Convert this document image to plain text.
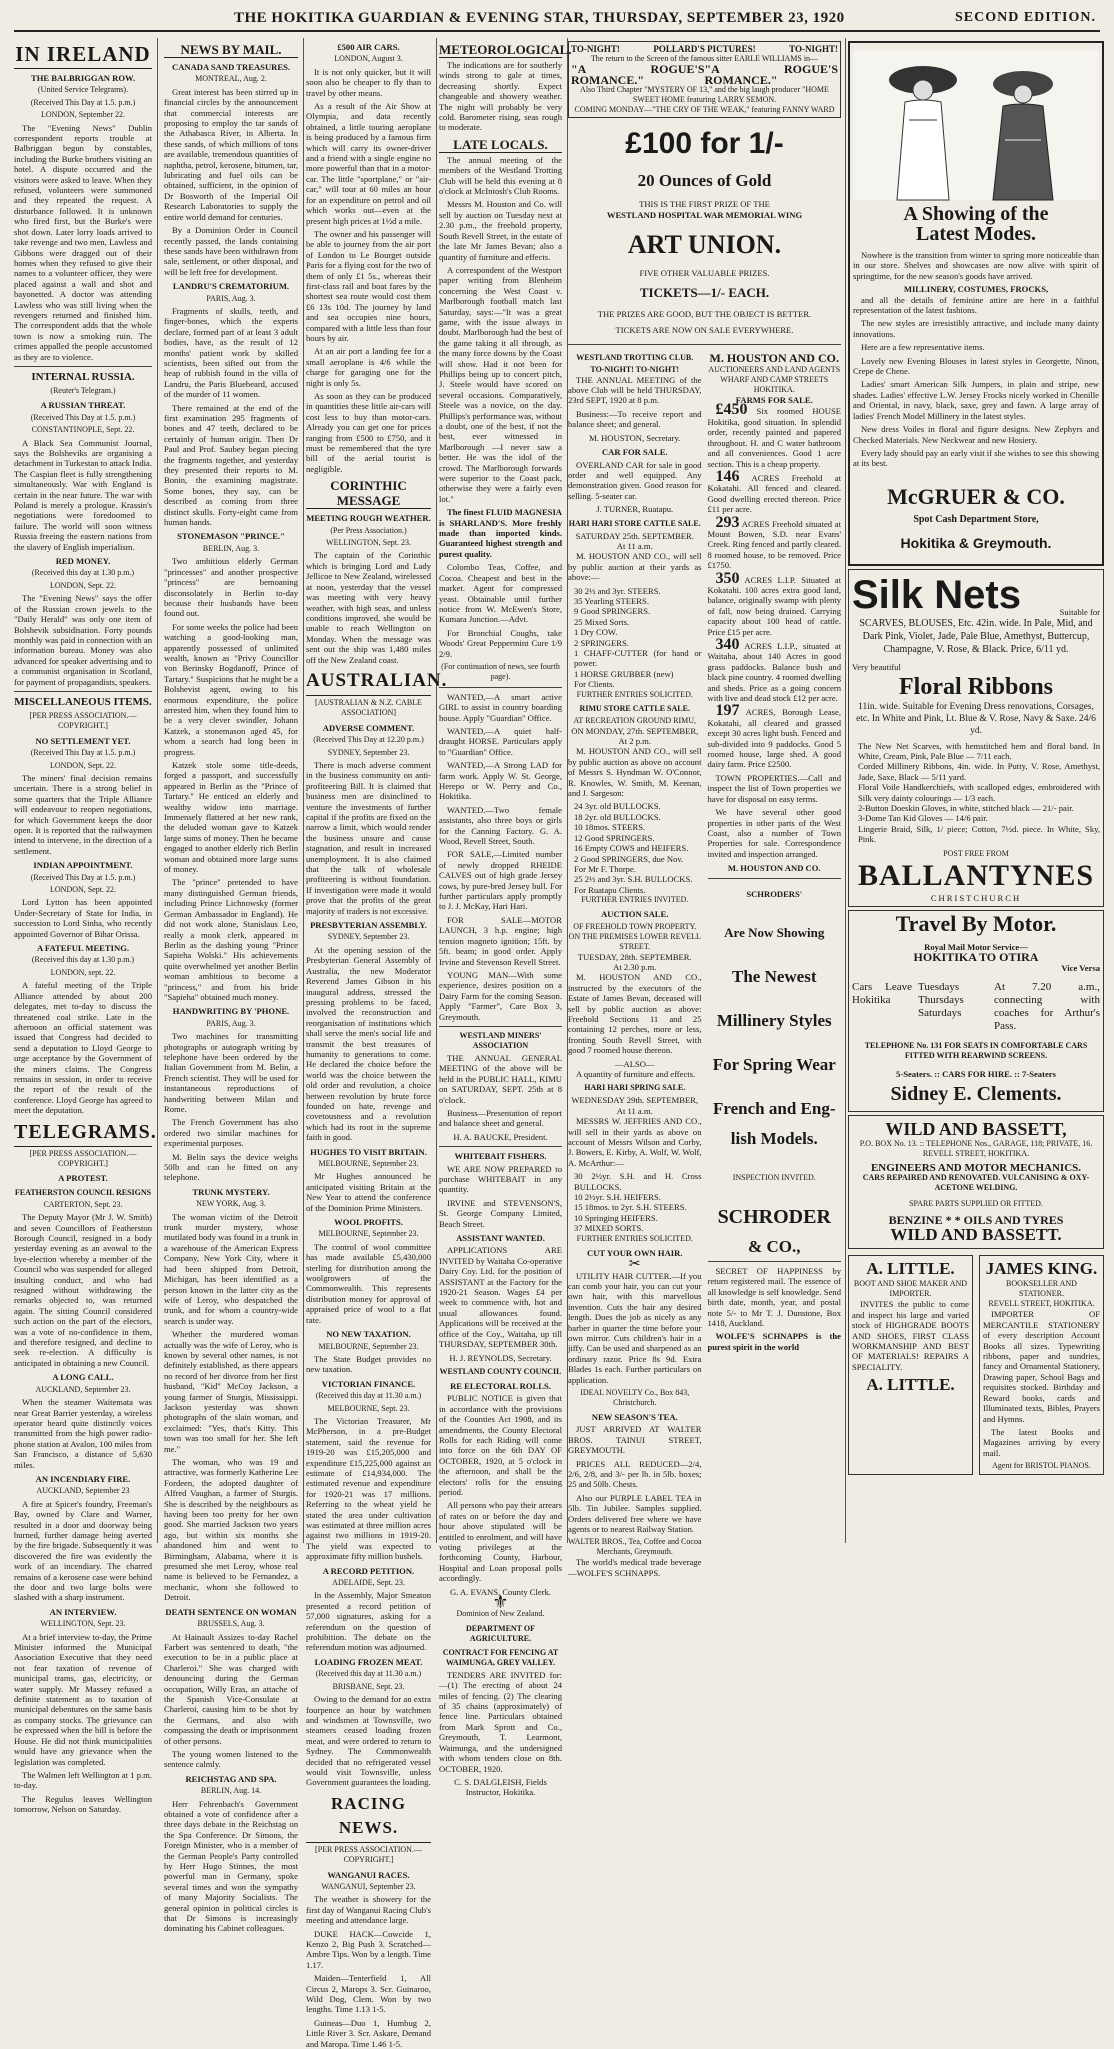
THE HOKITIKA GUARDIAN & EVENING STAR, THURSDAY, SEPTEMBER 23, 1920	SECOND EDITION.
IN IRELAND
THE BALBRIGGAN ROW.
(United Service Telegrams).
(Received This Day at 1.5. p.m.)
LONDON, September 22.

The "Evening News" Dublin correspondent reports trouble at Balbriggan begun by constables, including the Burke brothers visiting an hotel. A dispute occurred and the visitors were asked to leave. When they refused, volunteers were summoned and they repeated the request. A disturbance followed. It is unknown who fired first, but the Burke's were shot down. Later lorry loads arrived to take revenge and two men, Lawless and Gibbons were dragged out of their homes when they refused to give their names to a volunteer officer, they were placed against a wall and shot and bayonetted. A doctor was attending Lawless who was still living when the revengers returned and finished him. The correspondent adds that the whole town is now a smoking ruin. The crimes appalled the people accustomed as they are to violence.

INTERNAL RUSSIA.
(Reuter's Telegram.)
A RUSSIAN THREAT.
(Received This Day at 1.5. p.m.)
CONSTANTINOPLE, Sept. 22.

A Black Sea Communist Journal, says the Bolsheviks are organising a detachment in Turkestan to attack India. The Caspian fleet is fully strengthening simultaneously. War with England is certain in the near future. The war with Poland is merely a prologue. Krassin's negotiations were foredoomed to failure. The world will soon witness Russia freeing the eastern nations from the slavery of English imperialism.

RED MONEY.
(Received this day at 1.30 p.m.)
LONDON, Sept. 22.

The "Evening News" says the offer of the Russian crown jewels to the "Daily Herald" was only one item of Bolshevik subsidisation. Forty pounds monthly was paid in connection with an information bureau. Money was also advanced for speaker advertising and to a communist organisation in Scotland, for payment of propagandists, speakers.

MISCELLANEOUS ITEMS.
[PER PRESS ASSOCIATION.—COPYRIGHT.]
NO SETTLEMENT YET.
(Received This Day at 1.5. p.m.)
LONDON, Sept. 22.

The miners' final decision remains uncertain. There is a strong belief in some quarters that the Triple Alliance will endeavour to reopen negotiations, for which Government keeps the door open. It is reported that the railwaymen intend to intervene, in the direction of a settlement.

INDIAN APPOINTMENT.
(Received This Day at 1.5. p.m.)
LONDON, Sept. 22.

Lord Lytton has been appointed Under-Secretary of State for India, in succession to Lord Sinha, who recently appointed Governor of Bihar Orissa.

A FATEFUL MEETING.
(Received this day at 1.30 p.m.)
LONDON, sept. 22.

A fateful meeting of the Triple Alliance attended by about 200 delegates, met to-day to discuss the threatened coal strike. Late in the afternoon an official statement was issued that Congress had decided to send a deputation to Lloyd George to urge acceptance by the Government of the miners claims. The Congress remains in session, in order to receive the report of the result of the conference. Lloyd George has agreed to meet the deputation.

TELEGRAMS.
[PER PRESS ASSOCIATION.—COPYRIGHT.]
A PROTEST.
FEATHERSTON COUNCIL RESIGNS
CARTERTON, Sept. 23.

The Deputy Mayor (Mr J. W. Smith) and seven Councillors of Featherston Borough Council, resigned in a body yesterday evening as an avowal to the bye-election whereby a member of the Council who was suspended for alleged insulting conduct, and who had resigned without withdrawing the remarks objected to, was returned again. The sitting Council considered such action on the part of the electors, was a vote of no-confidence in them, and therefore resigned, and decline to seek re-election. A difficulty is anticipated in obtaining a new Council.

A LONG CALL.
AUCKLAND, September 23.

When the steamer Waitemata was near Great Barrier yesterday, a wireless operator heard quite distinctly voices transmitted from the high power radio-phone station at Avalon, 100 miles from San Francisco, a distance of 5,630 miles.

AN INCENDIARY FIRE.
AUCKLAND, September 23

A fire at Spicer's foundry, Freeman's Bay, owned by Clare and Warner, resulted in a door and doorway being burned, further damage being averted by the fire brigade. Subsequently it was discovered the fire was evidently the work of an incendiary. The charred remains of a kerosene case were behind the door and two large bolts were slashed with a sharp instrument.

AN INTERVIEW.
WELLINGTON, Sept. 23.

At a brief interview to-day, the Prime Minister informed the Municipal Association Executive that they need not fear taxation of revenue of municipal trams, gas, electricity, or water supply. Mr Massey refused a definite statement as to taxation of municipal debentures on the same basis as company stocks. The grievance can be expressed when the bill is before the House. He did not think municipalities would have any grievance when the legislation was completed.

The Walmen left Wellington at 1 p.m. to-day.

The Regulus leaves Wellington tomorrow, Nelson on Saturday.

NEWS BY MAIL.
CANADA SAND TREASURES.
MONTREAL, Aug. 2.

Great interest has been stirred up in financial circles by the announcement that commercial interests are proposing to employ the tar sands of the Athabasca River, in Alberta. In these sands, of which millions of tons are available, tremendous quantities of naphtha, petrol, kerosene, bitumen, tar, lubricating and fuel oils can be obtained, sufficient, in the opinion of Dr Bosworth of the Imperial Oil Research Laboratories to supply the entire world demand for centuries.

By a Dominion Order in Council recently passed, the lands containing these sands have been withdrawn from sale, settlement, or other disposal, and will be left free for development.

LANDRU'S CREMATORIUM.
PARIS, Aug. 3.

Fragments of skulls, teeth, and finger-bones, which the experts declare, formed part of at least 3 adult bodies, have, as the result of 12 months' patient work by skilled scientists, been sifted out from the heap of rubbish found in the villa of Landru, the Paris Bluebeard, accused of the murder of 11 women.

There remained at the end of the first examination 295 fragments of bones and 47 teeth, declared to be certainly of human origin. Then Dr Paul and Prof. Saubey began piecing the fragments together, and yesterday they presented their reports to M. Bonin, the examining magistrate. Some bones, they say, can be described as coming from three distinct skulls. Forty-eight came from human hands.

STONEMASON "PRINCE."
BERLIN, Aug. 3.

Two ambitious elderly German "princesses" and another prospective "princess" are bemoaning disconsolately in Berlin to-day because their husbands have been found out.

For some weeks the police had been watching a good-looking man, apparently possessed of unlimited wealth, known as "Privy Councillor von Berinsky Bogdanoff, Prince of Tartary." Suspicions that he might be a Bolshevist agent, owing to his enormous expenditure, the police arrested him, when they found him to be a very clever swindler, Johann Katzek, a stonemason aged 45, for whom a search had long been in progress.

Katzek stole some title-deeds, forged a passport, and successfully appeared in Berlin as the "Prince of Tartary." He enticed an elderly and wealthy widow into marriage. Immensely flattered at her new rank, the deluded woman gave to Katzek large sums of money. Then he became engaged to another elderly rich Berlin woman and obtained more large sums of money.

The "prince" pretended to have many distinguished German friends, including Prince Lichnowsky (former German Ambassador in England). He did not work alone, Stanislaus Leo, really a monk clerk, appeared in Berlin as the dashing young "Prince Sapieha Wolski." His achievements quite overwhelmed yet another Berlin woman ambitious to become a "princess," and from his bride "Sapieha" obtained much money.

HANDWRITING BY 'PHONE.
PARIS, Aug. 3.

Two machines for transmitting photographs or autograph writing by telephone have been ordered by the Italian Government from M. Belin, a French scientist. They will be used for instantaneous reproductions of handwriting between Milan and Rome.

The French Government has also ordered two similar machines for experimental purposes.

M. Belin says the device weighs 50lb and can be fitted on any telephone.

TRUNK MYSTERY.
NEW YORK, Aug. 3.

The woman victim of the Detroit trunk murder mystery, whose mutilated body was found in a trunk in a warehouse of the American Express Company, New York City, where it had been shipped from Detroit, Michigan, has been identified as a person known in the latter city as the wife of Leroy, who despatched the trunk, and for whom a country-wide search is under way.

Whether the murdered woman actually was the wife of Leroy, who is known by several other names, is not definitely established, as there appears no record of her divorce from her first husband, "Kid" McCoy Jackson, a young farmer of Sturgis, Mississippi. Jackson yesterday was shown photographs of the slain woman, and exclaimed: "Yes, that's Kitty. This town was too small for her. She left me."

The woman, who was 19 and attractive, was formerly Katherine Lee Fordeen, the adopted daughter of Alfred Vaughan, a farmer of Sturgis. She is described by the neighbours as having been too pretty for her own good. She married Jackson two years ago, but within six months she abandoned him and went to Birmingham, Alabama, where it is presumed she met Leroy, whose real name is believed to be Fernandez, a mechanic, whom she followed to Detroit.

DEATH SENTENCE ON WOMAN
BRUSSELS, Aug. 3.

At Hainault Assizes to-day Rachel Farbert was sentenced to death, "the execution to be in a public place at Charleroi." She was charged with denouncing during the German occupation, Willy Eras, an attache of the Spanish Vice-Consulate at Charleroi, causing him to be shot by the Germans, and also with compassing the death or imprisonment of other persons.

The young women listened to the sentence calmly.

REICHSTAG AND SPA.
BERLIN, Aug. 14.

Herr Fehrenbach's Government obtained a vote of confidence after a three days debate in the Reichstag on the Spa Conference. Dr Simons, the Foreign Minister, who is a member of the German People's Party controlled by Herr Hugo Stinnes, the most powerful man in Germany, spoke several times and won the sympathy of many Majority Socialists. The general opinion in political circles is that Dr Simons is increasingly dominating his Cabinet colleagues.

£500 AIR CARS.
LONDON, August 3.

It is not only quicker, but it will soon also be cheaper to fly than to travel by other means.

As a result of the Air Show at Olympia, and data recently obtained, a little touring aeroplane is being produced by a famous firm which will carry its owner-driver and a friend with a single engine no more powerful than that in a motor-car. The little "sportplane," or "air-car," will tour at 60 miles an hour for an expenditure on petrol and oil which works out—even at the present high prices at 1½d a mile.

The owner and his passenger will be able to journey from the air port of London to Le Bourget outside Paris for a flying cost for the two of them of only £1 5s., whereas their first-class rail and boat fares by the shortest sea route would cost them £6 13s 10d. The journey by land and sea occupies nine hours, compared with a little less than four hours by air.

At an air port a landing fee for a small aeroplane is 4/6 while the charge for garaging one for the night is only 5s.

As soon as they can be produced in quantities these little air-cars will cost less to buy than motor-cars. Already you can get one for prices ranging from £500 to £750, and it must be remembered that the tyre bill of the aerial tourist is negligible.

CORINTHIC MESSAGE
MEETING ROUGH WEATHER.
(Per Press Association.)
WELLINGTON, Sept. 23.

The captain of the Corinthic which is bringing Lord and Lady Jellicoe to New Zealand, wirelessed at noon, yesterday that the vessel was meeting with very heavy weather, with high seas, and unless conditions improved, she would be unable to reach Wellington on Monday. When the message was sent out the ship was 1,480 miles off the New Zealand coast.

AUSTRALIAN.
[AUSTRALIAN & N.Z. CABLE ASSOCIATION]
ADVERSE COMMENT.
(Received This Day at 12.20 p.m.)
SYDNEY, September 23.

There is much adverse comment in the business community on anti-profiteering Bill. It is claimed that business men are disinclined to venture the investments of further capital if the profits are fixed on the narrow a limit, which would render the business unsure and cause stagnation, and result in increased unemployment. It is also claimed that the talk of wholesale profiteering is without foundation. If investigation were made it would prove that the profits of the great majority of traders is not excessive.

PRESBYTERIAN ASSEMBLY.
SYDNEY, September 23.

At the opening session of the Presbyterian General Assembly of Australia, the new Moderator Reverend James Gibson in his inaugural address, stressed the pressing problems to be faced, involved the reconstruction and reorganisation of institutions which shall serve the men's social life and transmit the best treasures of humanity to generations to come. He declared the choice before the world was the choice between the old order and revolution, a choice between revolution by brute force founded on hate, revenge and covetousness and a revolution which had its root in the supreme faith in good.

HUGHES TO VISIT BRITAIN.
MELBOURNE, September 23.

Mr Hughes announced he anticipated visiting Britain at the New Year to attend the conference of the Dominion Prime Ministers.

WOOL PROFITS.
MELBOURNE, September 23.

The control of wool committee has made available £5,430,000 sterling for distribution among the woolgrowers of the Commonwealth. This represents distribution money for approval of appraised price of wool to a flat rate.

NO NEW TAXATION.
MELBOURNE, September 23.

The State Budget provides no new taxation.

VICTORIAN FINANCE.
(Received this day at 11.30 a.m.)
MELBOURNE, Sept. 23.

The Victorian Treasurer, Mr McPherson, in a pre-Budget statement, said the revenue for 1919-20 was £15,205,000 and expenditure £15,225,000 against an estimate of £14,934,000. The estimated revenue and expenditure for 1920-21 was 17 millions. Referring to the wheat yield he stated the area under cultivation was estimated at three million acres against two millions in 1919-20. The yield was expected to approximate fifty million bushels.

A RECORD PETITION.
ADELAIDE, Sept. 23.

In the Assembly, Major Smeaton presented a record petition of 57,000 signatures, asking for a referendum on the question of prohibition. The debate on the referendum motion was adjourned.

LOADING FROZEN MEAT.
(Received this day at 11.30 a.m.)
BRISBANE, Sept. 23.

Owing to the demand for an extra fourpence an hour by watchmen and windsmen at Townsville, two steamers ceased loading frozen meat, and were ordered to return to Sydney. The Commonwealth decided that no refrigerated vessel would visit Townsville, unless Government guarantees the loading.

RACING NEWS.
[PER PRESS ASSOCIATION.—COPYRIGHT.]
WANGANUI RACES.
WANGANUI, September 23.

The weather is showery for the first day of Wanganui Racing Club's meeting and attendance large.

DUKE HACK—Cowcide 1, Kenzo 2, Big Push 3. Scratched—Ambre Tips. Won by a length. Time 1.17.

Maiden—Tenterfield 1, All Circus 2, Marops 3. Scr. Guinaroo, Wild Dog, Clem. Won by two lengths. Time 1.13 1-5.

Guineas—Duo 1, Humbug 2, Little River 3. Scr. Askare, Demand and Maropa. Time 1.46 1-5.

METEOROLOGICAL.

The indications are for southerly winds strong to gale at times, decreasing shortly. Expect changeable and showery weather. The night will probably be very cold. Barometer rising, seas rough to moderate.

LATE LOCALS.

The annual meeting of the members of the Westland Trotting Club will be held this evening at 8 o'clock at McIntosh's Club Rooms.

Messrs M. Houston and Co. will sell by auction on Tuesday next at 2.30 p.m., the freehold property, South Revell Street, in the estate of the late Mr James Bevan; also a quantity of furniture and effects.

A correspondent of the Westport paper writing from Blenheim concerning the West Coast v. Marlborough football match last Saturday, says:—"It was a great game, with the issue always in doubt. Marlborough had the best of the game taking it all through, as the many force downs by the Coast will show. Had it not been for Phillips being up to concert pitch, J. Steele would have scored on several occasions. Comparatively, Steele was a novice, on the day. Phillips's performance was, without a doubt, one of the best, if not the best, ever witnessed in Marlborough —I never saw a better. He was the idol of the crowd. The Marlborough forwards were superior to the Coast pack, otherwise they were a fairly even lot."

The finest FLUID MAGNESIA is SHARLAND'S. More freshly made than imported kinds. Guaranteed highest strength and purest quality.

Colombo Teas, Coffee, and Cocoa. Cheapest and best in the market. Agent for compressed yeast. Obtainable until further notice from W. McEwen's Store, Kumara Junction.—Advt.

For Bronchial Coughs, take Woods' Great Peppermint Cure 1/9 2/9.

(For continuation of news, see fourth page).

WANTED,—A smart active GIRL to assist in country boarding house. Apply "Guardian" Office.

WANTED,—A quiet half-draught HORSE. Particulars apply to "Guardian" Office.

WANTED,—A Strong LAD for farm work. Apply W. St. George, Herepo or W. Perry and Co., Hokitika.

WANTED.—Two female assistants, also three boys or girls for the Canning Factory. G. A. Wood, Revell Street, South.

FOR SALE,—Limited number of newly dropped RHEIDE CALVES out of high grade Jersey cows, by pure-bred Jersey bull. For further particulars apply promptly to J. J. McKay, Hari Hari.

FOR SALE—MOTOR LAUNCH, 3 h.p. engine; high tension magneto ignition; 15ft. by 5ft. beam; in good order. Apply Irvine and Stevenson Revell Street.

YOUNG MAN—With some experience, desires position on a Dairy Farm for the coming Season. Apply "Farmer", Care Box 3, Greymouth.

WESTLAND MINERS' ASSOCIATION

THE ANNUAL GENERAL MEETING of the above will be held in the PUBLIC HALL, KIMU on SATURDAY, SEPT. 25th at 8 o'clock.

Business—Presentation of report and balance sheet and general.

H. A. BAUCKE, President.
WHITEBAIT FISHERS.

WE ARE NOW PREPARED to purchase WHITEBAIT in any quantity.

IRVINE and STEVENSON'S, St. George Company Limited, Beach Street.

ASSISTANT WANTED.

APPLICATIONS ARE INVITED by Waitaha Co-operative Dairy Coy. Ltd. for the position of ASSISTANT at the Factory for the 1920-21 Season. Wages £4 per week to commence with, hot and usual allowances found. Applications will be received at the office of the Coy., Waitaha, up till THURSDAY, SEPTEMBER 30th.

H. J. REYNOLDS, Secretary.
WESTLAND COUNTY COUNCIL
RE ELECTORAL ROLLS.

PUBLIC NOTICE is given that in accordance with the provisions of the Counties Act 1908, and its amendments, the County Electoral Rolls for each Riding will come into force on the 6th DAY OF OCTOBER, 1920, at 5 o'clock in the afternoon, and shall be the electors' rolls for the ensuing period.

All persons who pay their arrears of rates on or before the day and hour above stipulated will be entitled to enrolment, and will have voting privileges at the forthcoming County, Harbour, Hospital and Loan proposal polls accordingly.

G. A. EVANS, County Clerk.
⚜
Dominion of New Zealand.
DEPARTMENT OF AGRICULTURE.
CONTRACT FOR FENCING AT WAIMUNGA, GREY VALLEY.

TENDERS ARE INVITED for:—(1) The erecting of about 24 miles of fencing. (2) The clearing of 35 chains (approximately) of fence line. Particulars obtained from Mark Sprott and Co., Greymouth, T. Learmont, Waimunga, and the undersigned with whom tenders close on 8th. OCTOBER, 1920.

C. S. DALGLEISH, Fields Instructor, Hokitika.
TO-NIGHT!	POLLARD'S PICTURES!	TO-NIGHT!
The return to the Screen of the famous sitter EARLE WILLIAMS in—
"A ROGUE'S ROMANCE."
"A ROGUE'S ROMANCE."
Also Third Chapter "MYSTERY OF 13," and the big laugh producer "HOME SWEET HOME featuring LARRY SEMON.
COMING MONDAY—"THE CRY OF THE WEAK," featuring FANNY WARD
£100 for 1/-
20 Ounces of Gold
THIS IS THE FIRST PRIZE OF THE
WESTLAND HOSPITAL WAR MEMORIAL WING
ART UNION.
FIVE OTHER VALUABLE PRIZES.
TICKETS—1/- EACH.
THE PRIZES ARE GOOD, BUT THE OBJECT IS BETTER.
TICKETS ARE NOW ON SALE EVERYWHERE.
WESTLAND TROTTING CLUB.
TO-NIGHT! TO-NIGHT!

THE ANNUAL MEETING of the above Club will be held THURSDAY, 23rd SEPT, 1920 at 8 p.m.

Business:—To receive report and balance sheet; and general.

M. HOUSTON, Secretary.
CAR FOR SALE.

OVERLAND CAR for sale in good order and well equipped. Any demonstration given. Good reason for selling. 5-seater car.

J. TURNER, Ruatapu.
HARI HARI STORE CATTLE SALE.
SATURDAY 25th. SEPTEMBER.
At 11 a.m.

M. HOUSTON AND CO., will sell by public auction at their yards as above:—

30 2½ and 3yr. STEERS.
35 Yearling STEERS.
9 Good SPRINGERS.
25 Mixed Sorts.
1 Dry COW.
2 SPRINGERS.
1 CHAFF-CUTTER (for hand or power.
1 HORSE GRUBBER (new)
For Clients.
FURTHER ENTRIES SOLICITED.
RIMU STORE CATTLE SALE.
AT RECREATION GROUND RIMU,
ON MONDAY, 27th. SEPTEMBER,
At 2 p.m.

M. HOUSTON AND CO., will sell by public auction as above on account of Messrs S. Hyndman W. O'Connor, R. Knowles, W. Smith, M. Keenan, and J. Sargeson:

24 3yr. old BULLOCKS.
18 2yr. old BULLOCKS.
10 18mos. STEERS.
12 Good SPRINGERS.
16 Empty COWS and HEIFERS.
2 Good SPRINGERS, due Nov.
For Mr F. Thorpe.
25 2½ and 3yr. S.H. BULLOCKS.
For Ruatapu Clients.
FURTHER ENTRIES INVITED.
AUCTION SALE.
OF FREEHOLD TOWN PROPERTY.
ON THE PREMISES LOWER REVELL STREET.
TUESDAY, 28th. SEPTEMBER.
At 2.30 p.m.

M. HOUSTON AND CO., instructed by the executors of the Estate of James Bevan, deceased will sell by public auction as above: Freehold Sections 11 and 25 containing 12 perches, more or less, fronting South Revell Street, with good 7 roomed house thereon.

—ALSO—

A quantity of furniture and effects.

HARI HARI SPRING SALE.
WEDNESDAY 29th. SEPTEMBER,
At 11 a.m.

MESSRS W. JEFFRIES AND CO., will sell in their yards as above on account of Messrs Wilson and Corby, J. Bowers, E. Kirby, A. Wolf, W. Wolf, A. McArthur:—

30 2½yr. S.H. and H. Cross BULLOCKS.
10 2½yr. S.H. HEIFERS.
15 18mos. to 2yr. S.H. STEERS.
10 Springing HEIFERS.
37 MIXED SORTS.
FURTHER ENTRIES SOLICITED.
CUT YOUR OWN HAIR.
✂

UTILITY HAIR CUTTER.—If you can comb your hair, you can cut your own hair, with this marvellous invention. Cuts the hair any desired length. Does the job as nicely as any barber in quarter the time before your own mirror. Cuts children's hair in a jiffy. Can be used and sharpened as an ordinary razor. Price 8s 9d. Extra Blades 1s each. Further particulars on application.

IDEAL NOVELTY Co., Box 843, Christchurch.
NEW SEASON'S TEA.

JUST ARRIVED AT WALTER BROS. TAINUI STREET, GREYMOUTH.

PRICES ALL REDUCED—2/4, 2/6, 2/8, and 3/- per lb. in 5lb. boxes; 25 and 50lb. Chests.

Also our PURPLE LABEL TEA in 5lb. Tin Jubilee. Samples supplied. Orders delivered free where we have agents or to nearest Railway Station.

WALTER BROS., Tea, Coffee and Cocoa Merchants, Greymouth.

The world's medical trade beverage—WOLFE'S SCHNAPPS.

M. HOUSTON AND CO.
AUCTIONEERS AND LAND AGENTS
WHARF AND CAMP STREETS HOKITIKA.
FARMS FOR SALE.

£450 Six roomed HOUSE Hokitika, good situation. In splendid order, recently painted and papered throughout. H. and C water bathroom and all conveniences. Good 1 acre section. This is a cheap property.

146 ACRES Freehold at Kokatahi. All fenced and cleared. Good dwelling erected thereon. Price £11 per acre.

293 ACRES Freehold situated at Mount Bowen, S.D. near Evans' Creek. Ring fenced and partly cleared. 8 roomed house, to be removed. Price £1750.

350 ACRES L.I.P. Situated at Kokatahi. 100 acres extra good land, balance, originally swamp with plenty of fall, now being drained. Carrying capacity about 100 head of cattle. Price £15 per acre.

340 ACRES L.I.P., situated at Waitaha, about 140 Acres in good grass paddocks. Balance bush and black pine country. 4 roomed dwelling and sheds. Price as a going concern with live and dead stock £12 per acre.

197 ACRES, Borough Lease, Kokatahi, all cleared and grassed except 30 acres light bush. Fenced and sub-divided into 9 paddocks. Good 5 roomed house, large shed. A good dairy farm. Price £2500.

TOWN PROPERTIES.—Call and inspect the list of Town properties we have for disposal on easy terms.

We have several other good properties in other parts of the West Coast, also a number of Town Properties for sale. Correspondence invited and inspection arranged.

M. HOUSTON AND CO.
SCHRODERS'
Are Now Showing
The Newest
Millinery Styles
For Spring Wear
French and Eng-
lish Models.
INSPECTION INVITED.
SCHRODER
& CO.,

SECRET OF HAPPINESS by return registered mail. The essence of all knowledge is self knowledge. Send birth date, month, year, and postal note 5/- to Mr T. J. Dunstone, Box 1418, Auckland.

WOLFE'S SCHNAPPS is the purest spirit in the world

A Showing of the
Latest Modes.

Nowhere is the transition from winter to spring more noticeable than in our store. Shelves and showcases are now alive with spirit of springtime, for the new season's goods have arrived.

MILLINERY, COSTUMES, FROCKS,

and all the details of feminine attire are here in a faithful representation of the latest fashions.

The new styles are irresistibly attractive, and include many dainty innovations.

Here are a few representative items.

Lovely new Evening Blouses in latest styles in Georgette, Ninon, Crepe de Chene.

Ladies' smart American Silk Jumpers, in plain and stripe, new shades. Ladies' effective L.W. Jersey Frocks nicely worked in Chenille and Oriental, in navy, black, saxe, grey and fawn. A large array of ladies' French Model Millinery in the latest styles.

New dress Voiles in floral and figure designs. New Zephyrs and Checked Materials. New Neckwear and new Hosiery.

Every lady should pay an early visit if she wishes to see this showing at its best.

McGRUER & CO.
Spot Cash Department Store,
Hokitika & Greymouth.
Silk Nets	Suitable for
SCARVES, BLOUSES, Etc. 42in. wide. In Pale, Mid, and Dark Pink, Violet, Jade, Pale Blue, Amethyst, Buttercup, Champagne, V. Rose, & Black. Price, 6/11 yd.
Very beautiful
Floral Ribbons
11in. wide. Suitable for Evening Dress renovations, Corsages, etc. In White and Pink, Lt. Blue & V. Rose, Navy & Saxe. 24/6 yd.
The New Net Scarves, with hemstitched hem and floral band. In White, Cream, Pink, Pale Blue — 7/11 each.
Corded Millinery Ribbons, 4in. wide. In Putty, V. Rose, Amethyst, Jade, Saxe, Black — 5/11 yard.
Floral Voile Handkerchiefs, with scalloped edges, embroidered with Silk very dainty colourings — 1/3 each.
2-Button Doeskin Gloves, in white, stitched black — 21/- pair.
3-Dome Tan Kid Gloves — 14/6 pair.
Lingerie Braid, Silk, 1/ piece; Cotton, 7½d. piece. In White, Sky, Pink.
POST FREE FROM
BALLANTYNES
CHRISTCHURCH
Travel By Motor.
Royal Mail Motor Service—
HOKITIKA TO OTIRA
Vice Versa
Cars Leave Hokitika
Tuesdays Thursdays Saturdays
At 7.20 a.m., connecting with coaches for Arthur's Pass.
TELEPHONE No. 131 FOR SEATS IN COMFORTABLE CARS FITTED WITH REARWIND SCREENS.
5-Seaters. :: CARS FOR HIRE. :: 7-Seaters
Sidney E. Clements.
WILD AND BASSETT,
P.O. BOX No. 13. :: TELEPHONE Nos., GARAGE, 118; PRIVATE, 16. REVELL STREET, HOKITIKA.
ENGINEERS AND MOTOR MECHANICS.
CARS REPAIRED AND RENOVATED. VULCANISING & OXY-ACETONE WELDING.
SPARE PARTS SUPPLIED OR FITTED.
BENZINE * * OILS AND TYRES
WILD AND BASSETT.
A. LITTLE.
BOOT AND SHOE MAKER AND IMPORTER.

INVITES the public to come and inspect his large and varied stock of HIGHGRADE BOOTS AND SHOES, FIRST CLASS WORKMANSHIP AND BEST OF MATERIALS! REPAIRS A SPECIALITY.

A. LITTLE.
JAMES KING.
BOOKSELLER AND STATIONER.
REVELL STREET, HOKITIKA.

IMPORTER OF MERCANTILE STATIONERY of every description Account Books all sizes. Typewriting ribbons, paper and sundries, fancy and Ornamental Stationery, Drawing paper, School Bags and requisites stocked. Birthday and Reward books, cards and Illuminated texts, Bibles, Prayers and Hymns.

The latest Books and Magazines arriving by every mail.

Agent for BRISTOL PIANOS.
